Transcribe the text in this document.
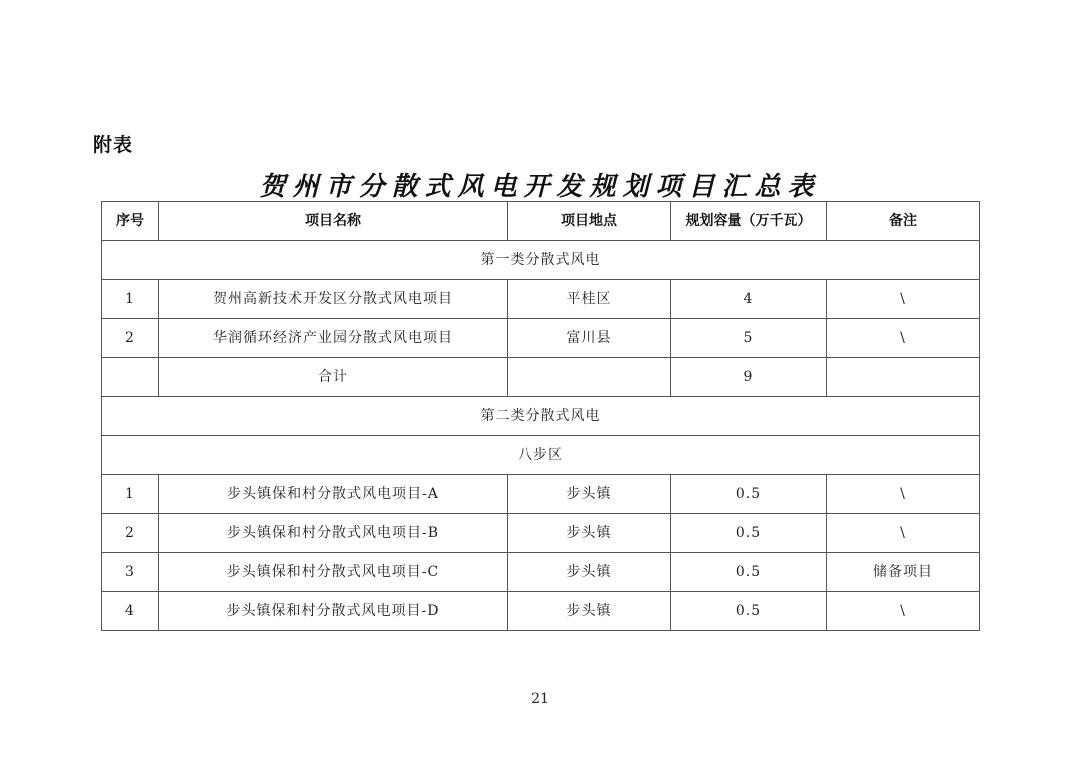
附表
贺州市分散式风电开发规划项目汇总表
序号	项目名称	项目地点	规划容量（万千瓦）	备注
第一类分散式风电				
1	贺州高新技术开发区分散式风电项目	平桂区	4	\
2	华润循环经济产业园分散式风电项目	富川县	5	\
	合计		9	
第二类分散式风电				
八步区				
1	步头镇保和村分散式风电项目-A	步头镇	0.5	\
2	步头镇保和村分散式风电项目-B	步头镇	0.5	\
3	步头镇保和村分散式风电项目-C	步头镇	0.5	储备项目
4	步头镇保和村分散式风电项目-D	步头镇	0.5	\
21
